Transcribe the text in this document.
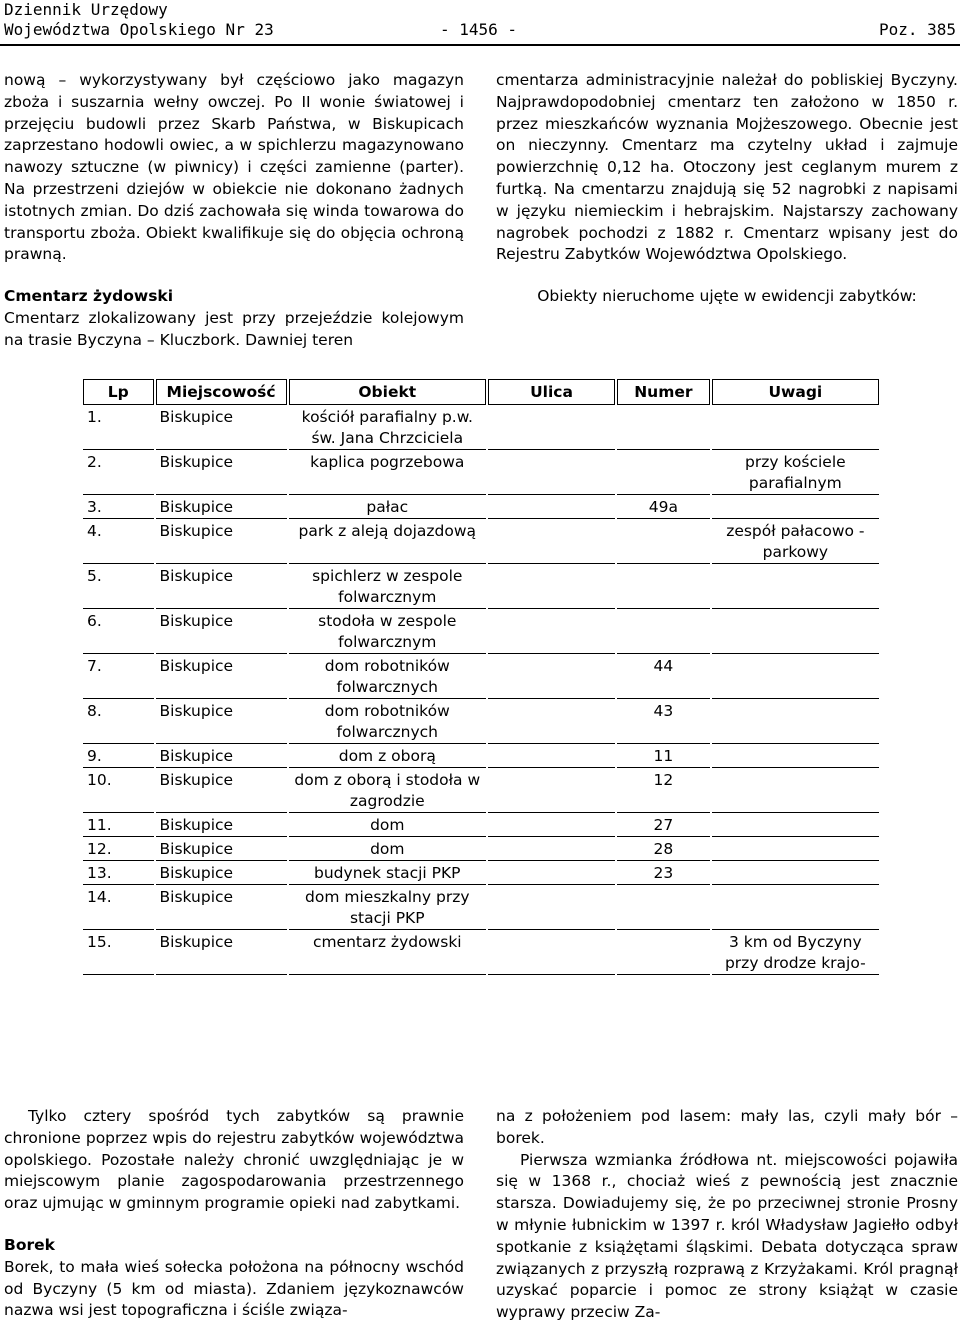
Dziennik Urzędowy
Województwa Opolskiego Nr 23	- 1456 -	Poz. 385

nową – wykorzystywany był częściowo jako magazyn zboża i suszarnia wełny owczej. Po II wonie światowej i przejęciu budowli przez Skarb Państwa, w Biskupicach zaprzestano hodowli owiec, a w spichlerzu magazynowano nawozy sztuczne (w piwnicy) i części zamienne (parter). Na przestrzeni dziejów w obiekcie nie dokonano żadnych istotnych zmian. Do dziś zachowała się winda towarowa do transportu zboża. Obiekt kwalifikuje się do objęcia ochroną prawną.

Cmentarz żydowski

Cmentarz zlokalizowany jest przy przejeździe kolejowym na trasie Byczyna – Kluczbork. Dawniej teren

cmentarza administracyjnie należał do pobliskiej Byczyny. Najprawdopodobniej cmentarz ten założono w 1850 r. przez mieszkańców wyznania Mojżeszowego. Obecnie jest on nieczynny. Cmentarz ma czytelny układ i zajmuje powierzchnię 0,12 ha. Otoczony jest ceglanym murem z furtką. Na cmentarzu znajdują się 52 nagrobki z napisami w języku niemieckim i hebrajskim. Najstarszy zachowany nagrobek pochodzi z 1882 r. Cmentarz wpisany jest do Rejestru Zabytków Województwa Opolskiego.

Obiekty nieruchome ujęte w ewidencji zabytków:

Lp	Miejscowość	Obiekt	Ulica	Numer	Uwagi
1.	Biskupice	kościół parafialny p.w. św. Jana Chrzciciela			
2.	Biskupice	kaplica pogrzebowa			przy kościele parafialnym
3.	Biskupice	pałac		49a	
4.	Biskupice	park z aleją dojazdową			zespół pałacowo - parkowy
5.	Biskupice	spichlerz w zespole folwarcznym			
6.	Biskupice	stodoła w zespole folwarcznym			
7.	Biskupice	dom robotników folwarcznych		44	
8.	Biskupice	dom robotników folwarcznych		43	
9.	Biskupice	dom z oborą		11	
10.	Biskupice	dom z oborą i stodoła w zagrodzie		12	
11.	Biskupice	dom		27	
12.	Biskupice	dom		28	
13.	Biskupice	budynek stacji PKP		23	
14.	Biskupice	dom mieszkalny przy stacji PKP			
15.	Biskupice	cmentarz żydowski			3 km od Byczyny przy drodze krajo-

Tylko cztery spośród tych zabytków są prawnie chronione poprzez wpis do rejestru zabytków województwa opolskiego. Pozostałe należy chronić uwzględniając je w miejscowym planie zagospodarowania przestrzennego oraz ujmując w gminnym programie opieki nad zabytkami.

Borek

Borek, to mała wieś sołecka położona na północny wschód od Byczyny (5 km od miasta). Zdaniem językoznawców nazwa wsi jest topograficzna i ściśle związa-

na z położeniem pod lasem: mały las, czyli mały bór – borek.

Pierwsza wzmianka źródłowa nt. miejscowości pojawiła się w 1368 r., chociaż wieś z pewnością jest znacznie starsza. Dowiadujemy się, że po przeciwnej stronie Prosny w młynie łubnickim w 1397 r. król Władysław Jagiełło odbył spotkanie z książętami śląskimi. Debata dotycząca spraw związanych z przyszłą rozprawą z Krzyżakami. Król pragnął uzyskać poparcie i pomoc ze strony książąt w czasie wyprawy przeciw Za-
